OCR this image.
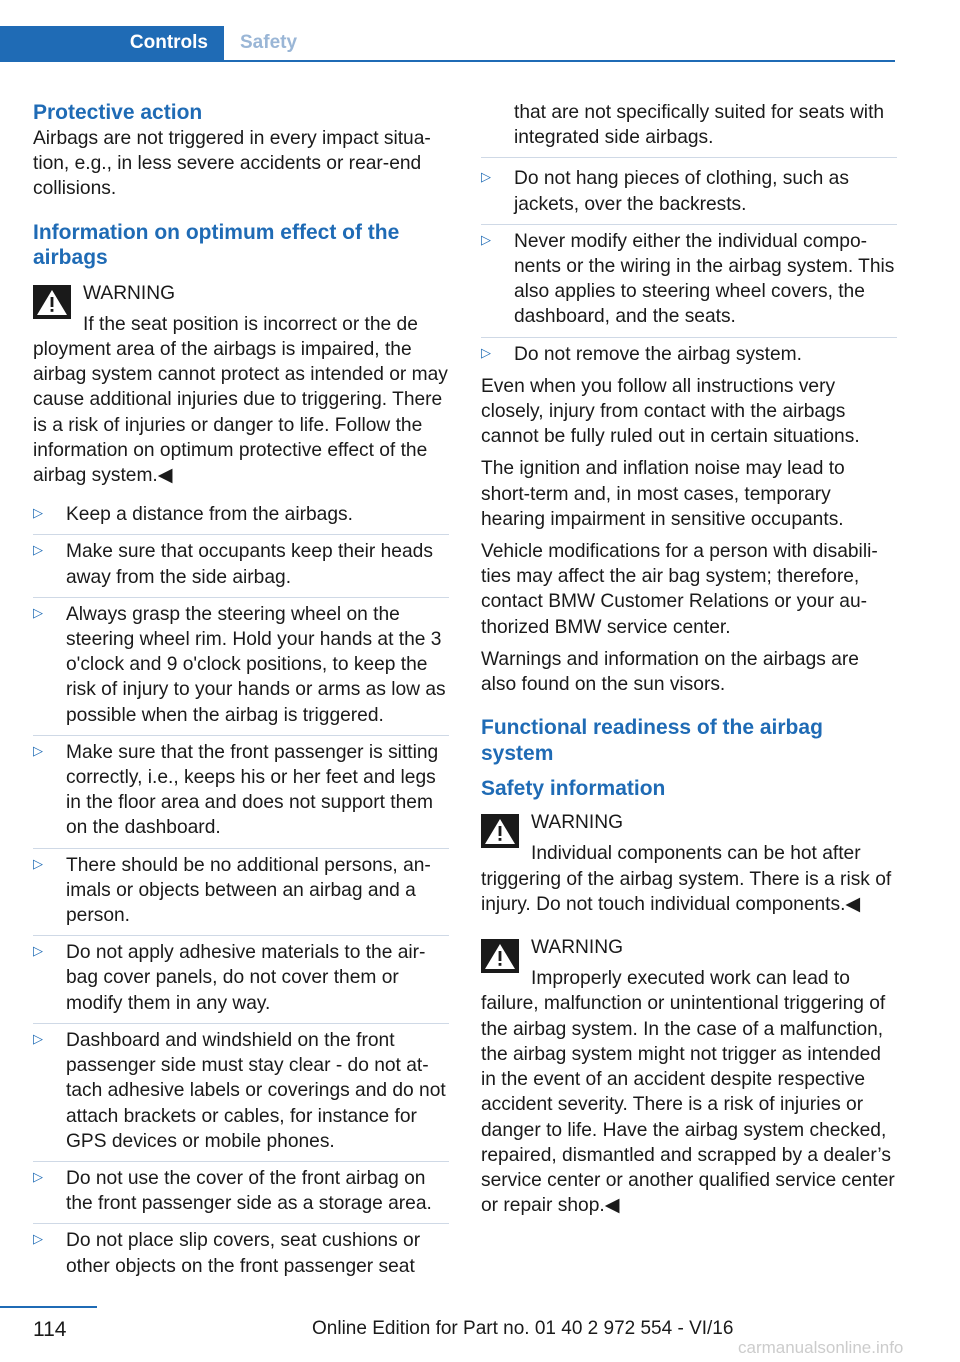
Controls	Safety
Protective action

Airbags are not triggered in every impact situation, e.g., in less severe accidents or rear-end collisions.

Information on optimum effect of the airbags
WARNING
If the seat position is incorrect or the de
ployment area of the airbags is impaired, the airbag system cannot protect as intended or may cause additional injuries due to triggering. There is a risk of injuries or danger to life. Follow the information on optimum protective effect of the airbag system.◀
▷ Keep a distance from the airbags.
▷ Make sure that occupants keep their heads away from the side airbag.
▷ Always grasp the steering wheel on the steering wheel rim. Hold your hands at the 3 o'clock and 9 o'clock positions, to keep the risk of injury to your hands or arms as low as possible when the airbag is triggered.
▷ Make sure that the front passenger is sitting correctly, i.e., keeps his or her feet and legs in the floor area and does not support them on the dashboard.
▷ There should be no additional persons, animals or objects between an airbag and a person.
▷ Do not apply adhesive materials to the airbag cover panels, do not cover them or modify them in any way.
▷ Dashboard and windshield on the front passenger side must stay clear - do not attach adhesive labels or coverings and do not attach brackets or cables, for instance for GPS devices or mobile phones.
▷ Do not use the cover of the front airbag on the front passenger side as a storage area.
▷ Do not place slip covers, seat cushions or other objects on the front passenger seat
that are not specifically suited for seats with integrated side airbags.
▷ Do not hang pieces of clothing, such as jackets, over the backrests.
▷ Never modify either the individual components or the wiring in the airbag system. This also applies to steering wheel covers, the dashboard, and the seats.
▷ Do not remove the airbag system.

Even when you follow all instructions very closely, injury from contact with the airbags cannot be fully ruled out in certain situations.

The ignition and inflation noise may lead to short-term and, in most cases, temporary hearing impairment in sensitive occupants.

Vehicle modifications for a person with disabilities may affect the air bag system; therefore, contact BMW Customer Relations or your authorized BMW service center.

Warnings and information on the airbags are also found on the sun visors.

Functional readiness of the airbag system
Safety information
WARNING
Individual components can be hot after
triggering of the airbag system. There is a risk of injury. Do not touch individual components.◀
WARNING
Improperly executed work can lead to
failure, malfunction or unintentional triggering of the airbag system. In the case of a malfunction, the airbag system might not trigger as intended in the event of an accident despite respective accident severity. There is a risk of injuries or danger to life. Have the airbag system checked, repaired, dismantled and scrapped by a dealer’s service center or another qualified service center or repair shop.◀
114	Online Edition for Part no. 01 40 2 972 554 - VI/16
carmanualsonline.info
